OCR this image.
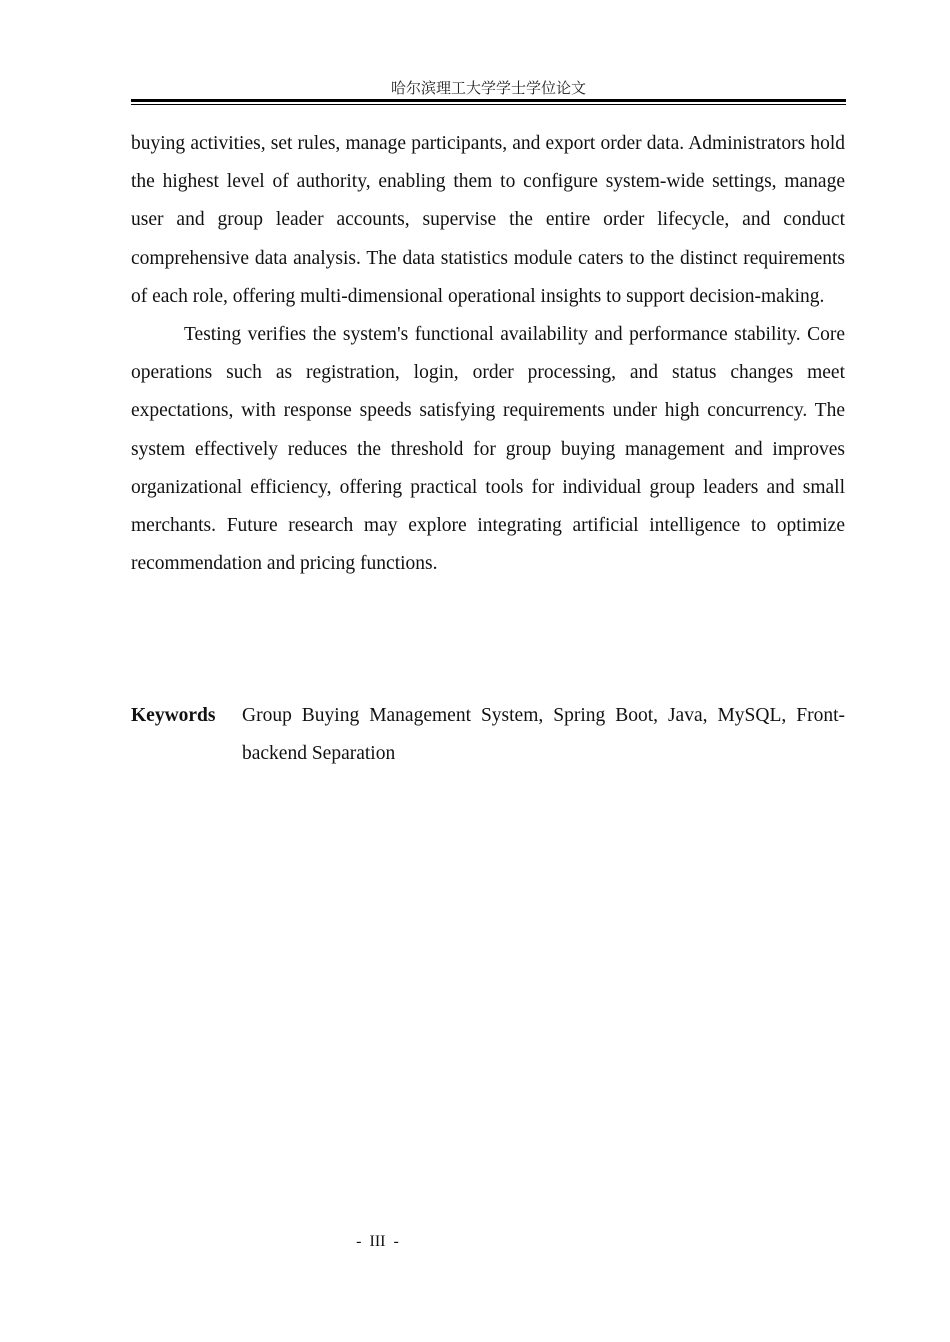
哈尔滨理工大学学士学位论文

buying activities, set rules, manage participants, and export order data. Administrators hold the highest level of authority, enabling them to configure system-wide settings, manage user and group leader accounts, supervise the entire order lifecycle, and conduct comprehensive data analysis. The data statistics module caters to the distinct requirements of each role, offering multi-dimensional operational insights to support decision-making.

Testing verifies the system's functional availability and performance stability. Core operations such as registration, login, order processing, and status changes meet expectations, with response speeds satisfying requirements under high concurrency. The system effectively reduces the threshold for group buying management and improves organizational efficiency, offering practical tools for individual group leaders and small merchants. Future research may explore integrating artificial intelligence to optimize recommendation and pricing functions.

Keywords	Group Buying Management System, Spring Boot, Java, MySQL, Front-backend Separation
-  III  -
